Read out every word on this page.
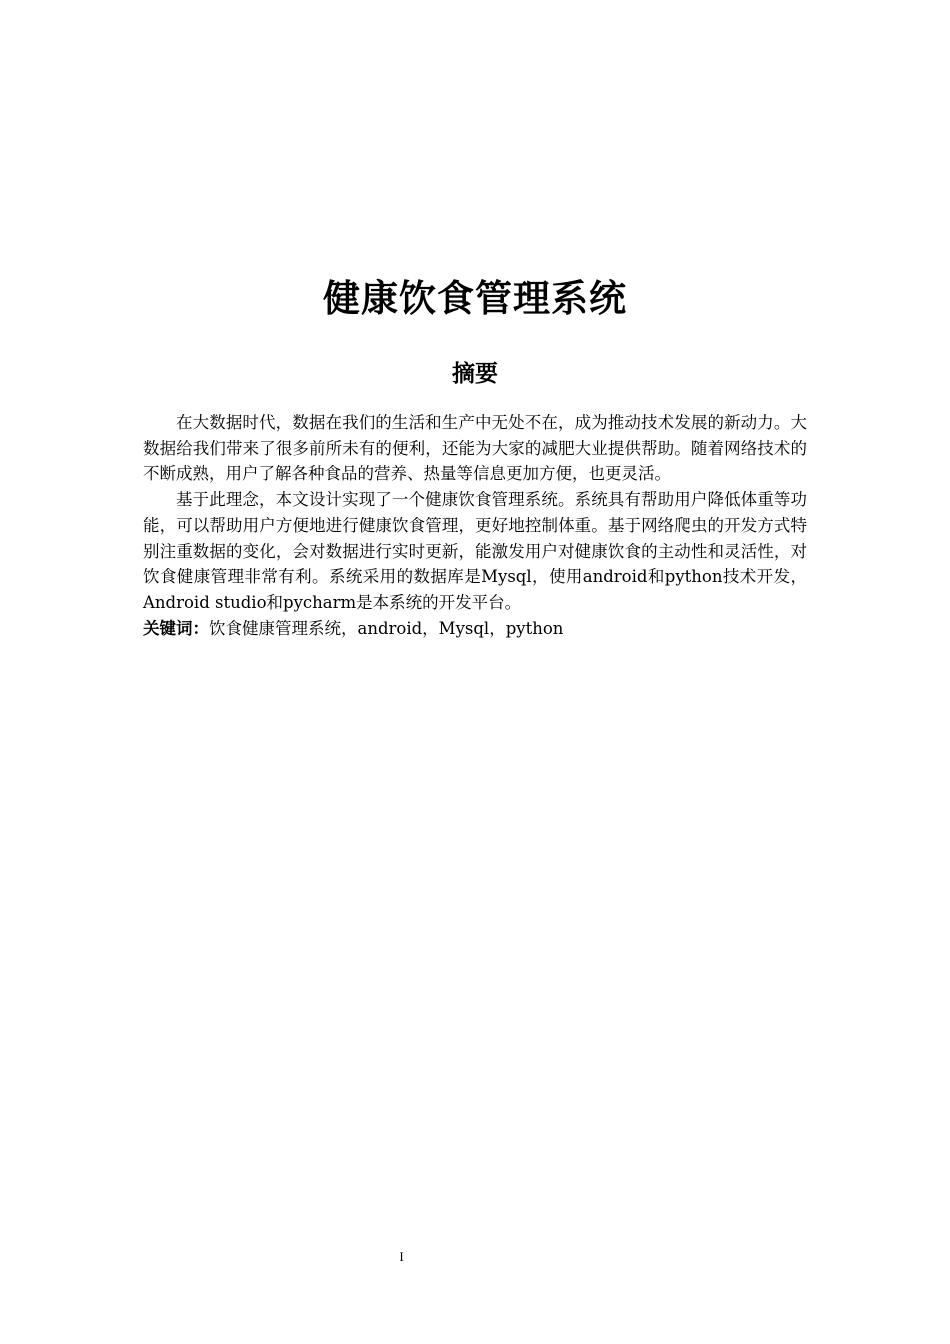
健康饮食管理系统
摘要

在大数据时代，数据在我们的生活和生产中无处不在，成为推动技术发展的新动力。大数据给我们带来了很多前所未有的便利，还能为大家的减肥大业提供帮助。随着网络技术的不断成熟，用户了解各种食品的营养、热量等信息更加方便，也更灵活。

基于此理念，本文设计实现了一个健康饮食管理系统。系统具有帮助用户降低体重等功能，可以帮助用户方便地进行健康饮食管理，更好地控制体重。基于网络爬虫的开发方式特别注重数据的变化，会对数据进行实时更新，能激发用户对健康饮食的主动性和灵活性，对饮食健康管理非常有利。系统采用的数据库是Mysql，使用android和python技术开发，Android studio和pycharm是本系统的开发平台。

关键词：饮食健康管理系统，android，Mysql，python

I
